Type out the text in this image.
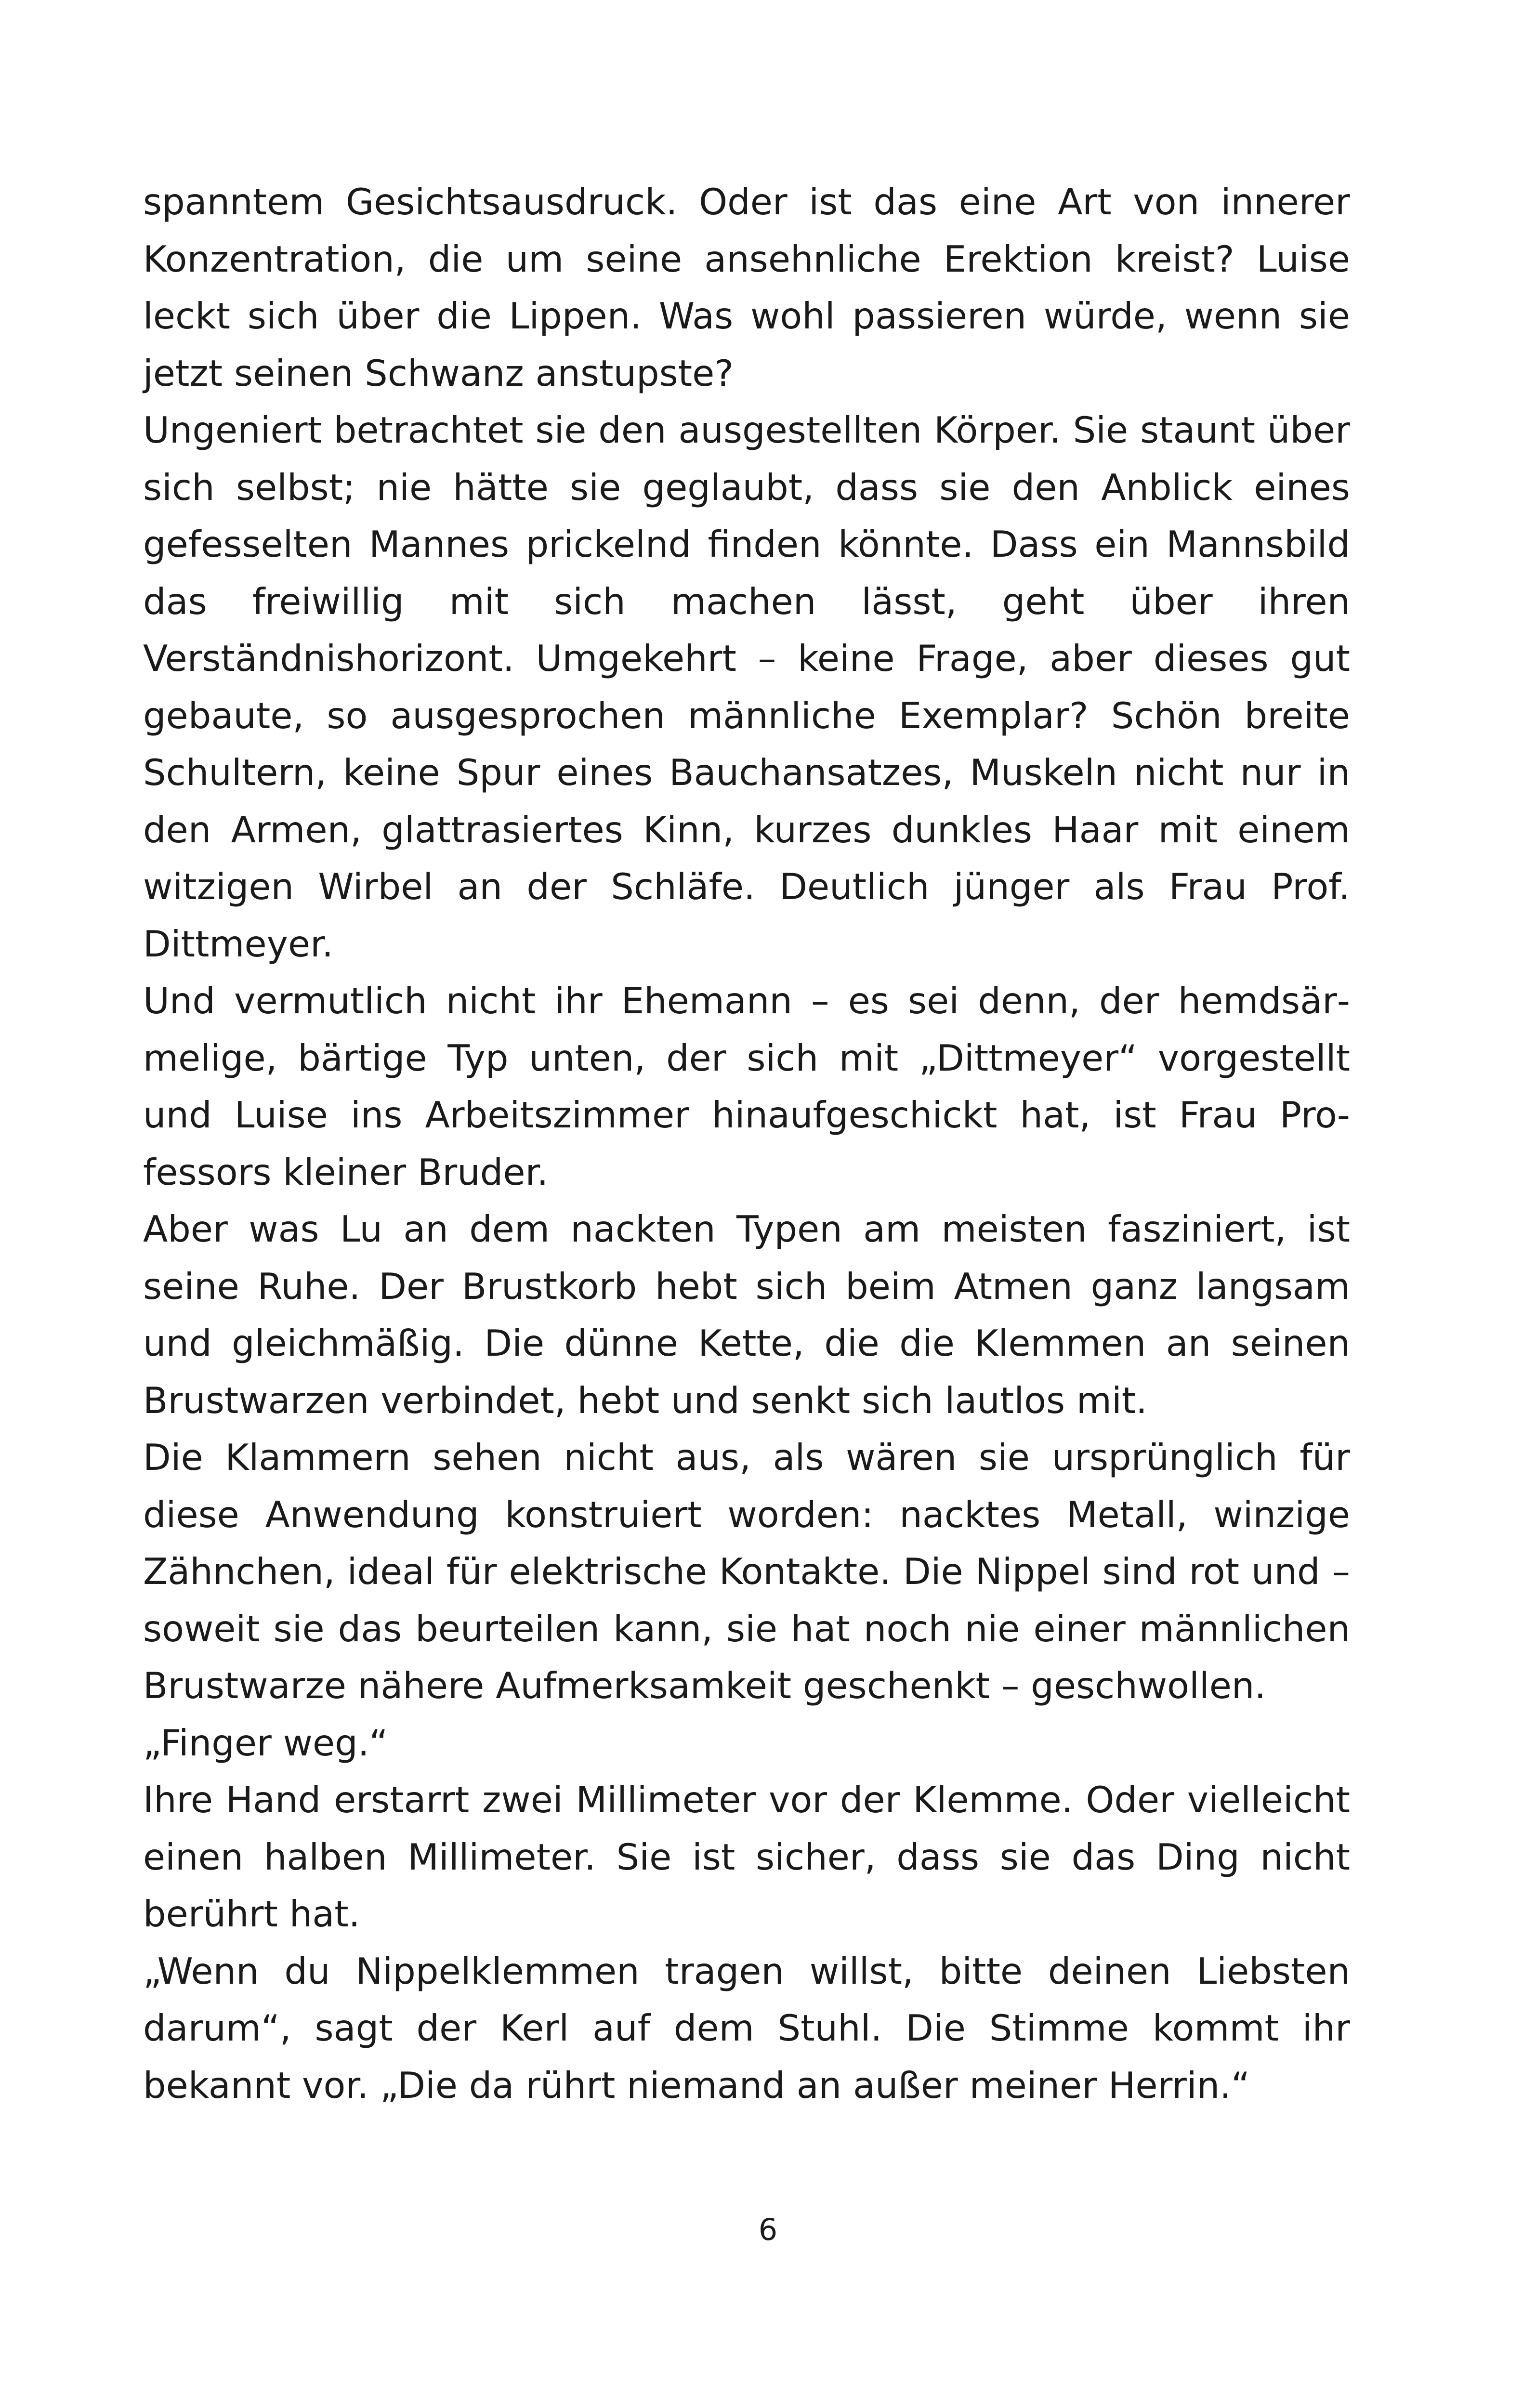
spanntem Gesichtsausdruck. Oder ist das eine Art von innerer Konzentration, die um seine ansehnliche Erektion kreist? Luise leckt sich über die Lippen. Was wohl passieren würde, wenn sie jetzt seinen Schwanz anstupste?

Ungeniert betrachtet sie den ausgestellten Körper. Sie staunt über sich selbst; nie hätte sie geglaubt, dass sie den Anblick eines gefesselten Mannes prickelnd finden könnte. Dass ein Mannsbild das freiwillig mit sich machen lässt, geht über ihren Verständnishorizont. Umgekehrt – keine Frage, aber dieses gut gebaute, so ausgesprochen männliche Exemplar? Schön breite Schultern, keine Spur eines Bauchansatzes, Muskeln nicht nur in den Armen, glattrasiertes Kinn, kurzes dunkles Haar mit einem witzigen Wirbel an der Schläfe. Deutlich jünger als Frau Prof. Dittmeyer.

Und vermutlich nicht ihr Ehemann – es sei denn, der hemdsärmelige, bärtige Typ unten, der sich mit „Dittmeyer“ vorgestellt und Luise ins Arbeitszimmer hinaufgeschickt hat, ist Frau Professors kleiner Bruder.

Aber was Lu an dem nackten Typen am meisten fasziniert, ist seine Ruhe. Der Brustkorb hebt sich beim Atmen ganz langsam und gleichmäßig. Die dünne Kette, die die Klemmen an seinen Brustwarzen verbindet, hebt und senkt sich lautlos mit.

Die Klammern sehen nicht aus, als wären sie ursprünglich für diese Anwendung konstruiert worden: nacktes Metall, winzige Zähnchen, ideal für elektrische Kontakte. Die Nippel sind rot und – soweit sie das beurteilen kann, sie hat noch nie einer männlichen Brustwarze nähere Aufmerksamkeit geschenkt – geschwollen.

„Finger weg.“

Ihre Hand erstarrt zwei Millimeter vor der Klemme. Oder vielleicht einen halben Millimeter. Sie ist sicher, dass sie das Ding nicht berührt hat.

„Wenn du Nippelklemmen tragen willst, bitte deinen Liebsten darum“, sagt der Kerl auf dem Stuhl. Die Stimme kommt ihr bekannt vor. „Die da rührt niemand an außer meiner Herrin.“

6
